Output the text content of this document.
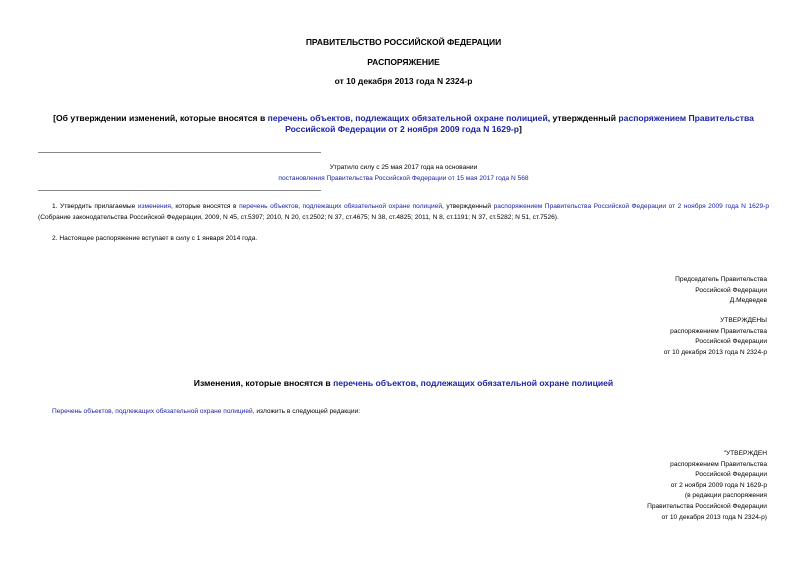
ПРАВИТЕЛЬСТВО РОССИЙСКОЙ ФЕДЕРАЦИИ
РАСПОРЯЖЕНИЕ
от 10 декабря 2013 года N 2324-р
[Об утверждении изменений, которые вносятся в перечень объектов, подлежащих обязательной охране полицией, утвержденный распоряжением Правительства Российской Федерации от 2 ноября 2009 года N 1629-р]
Утратило силу с 25 мая 2017 года на основании
постановления Правительства Российской Федерации от 15 мая 2017 года N 568
1. Утвердить прилагаемые изменения, которые вносятся в перечень объектов, подлежащих обязательной охране полицией, утвержденный распоряжением Правительства Российской Федерации от 2 ноября 2009 года N 1629-р (Собрание законодательства Российской Федерации, 2009, N 45, ст.5397; 2010, N 20, ст.2502; N 37, ст.4675; N 38, ст.4825; 2011, N 8, ст.1191; N 37, ст.5282; N 51, ст.7526).
2. Настоящее распоряжение вступает в силу с 1 января 2014 года.
Председатель Правительства
Российской Федерации
Д.Медведев
УТВЕРЖДЕНЫ
распоряжением Правительства
Российской Федерации
от 10 декабря 2013 года N 2324-р
Изменения, которые вносятся в перечень объектов, подлежащих обязательной охране полицией
Перечень объектов, подлежащих обязательной охране полицией, изложить в следующей редакции:
"УТВЕРЖДЕН
распоряжением Правительства
Российской Федерации
от 2 ноября 2009 года N 1629-р
(в редакции распоряжения
Правительства Российской Федерации
от 10 декабря 2013 года N 2324-р)
